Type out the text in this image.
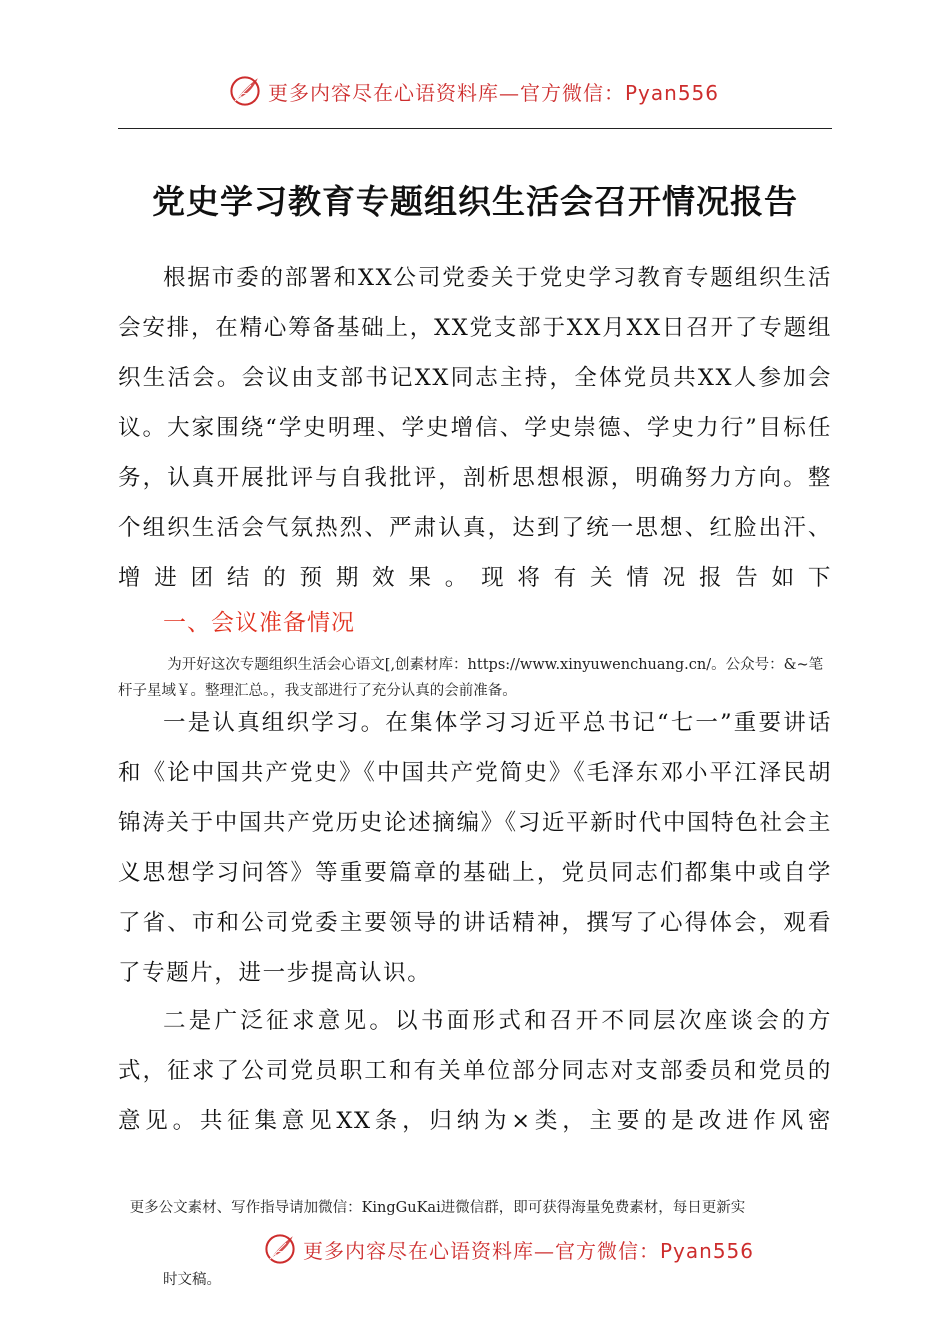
更多内容尽在心语资料库—官方微信：Pyan556
党史学习教育专题组织生活会召开情况报告

根据市委的部署和XX公司党委关于党史学习教育专题组织生活会安排，在精心筹备基础上，XX党支部于XX月XX日召开了专题组织生活会。会议由支部书记XX同志主持，全体党员共XX人参加会议。大家围绕“学史明理、学史增信、学史崇德、学史力行”目标任务，认真开展批评与自我批评，剖析思想根源，明确努力方向。整个组织生活会气氛热烈、严肃认真，达到了统一思想、红脸出汗、增进团结的预期效果。现将有关情况报告如下

一、会议准备情况

为开好这次专题组织生活会心语文[,创素材库：https://www.xinyuwenchuang.cn/。公众号：&~笔杆子星域￥。整理汇总。，我支部进行了充分认真的会前准备。

一是认真组织学习。在集体学习习近平总书记“七一”重要讲话和《论中国共产党史》《中国共产党简史》《毛泽东邓小平江泽民胡锦涛关于中国共产党历史论述摘编》《习近平新时代中国特色社会主义思想学习问答》等重要篇章的基础上，党员同志们都集中或自学了省、市和公司党委主要领导的讲话精神，撰写了心得体会，观看了专题片，进一步提高认识。

二是广泛征求意见。以书面形式和召开不同层次座谈会的方式，征求了公司党员职工和有关单位部分同志对支部委员和党员的意见。共征集意见XX条，归纳为×类，主要的是改进作风密

更多公文素材、写作指导请加微信：KingGuKai进微信群，即可获得海量免费素材，每日更新实

更多内容尽在心语资料库—官方微信：Pyan556

时文稿。
